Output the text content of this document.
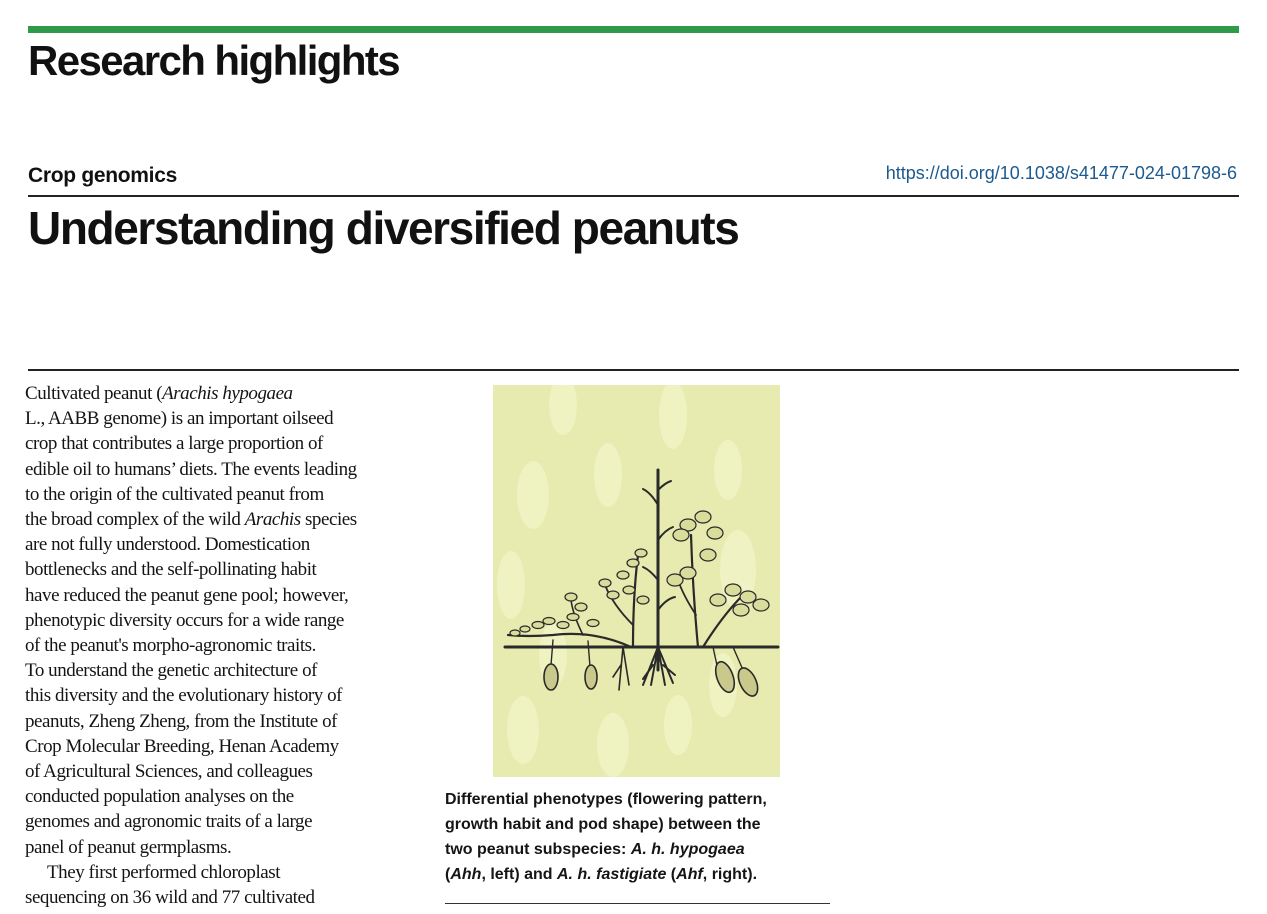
Research highlights
Crop genomics	https://doi.org/10.1038/s41477-024-01798-6
Understanding diversified peanuts
Cultivated peanut (Arachis hypogaea
L., AABB genome) is an important oilseed
crop that contributes a large proportion of
edible oil to humans’ diets. The events leading
to the origin of the cultivated peanut from
the broad complex of the wild Arachis species
are not fully understood. Domestication
bottlenecks and the self-pollinating habit
have reduced the peanut gene pool; however,
phenotypic diversity occurs for a wide range
of the peanut's morpho-agronomic traits.
To understand the genetic architecture of
this diversity and the evolutionary history of
peanuts, Zheng Zheng, from the Institute of
Crop Molecular Breeding, Henan Academy
of Agricultural Sciences, and colleagues
conducted population analyses on the
genomes and agronomic traits of a large
panel of peanut germplasms.
They first performed chloroplast
sequencing on 36 wild and 77 cultivated
Differential phenotypes (flowering pattern,
growth habit and pod shape) between the
two peanut subspecies: A. h. hypogaea
(Ahh, left) and A. h. fastigiate (Ahf, right).
